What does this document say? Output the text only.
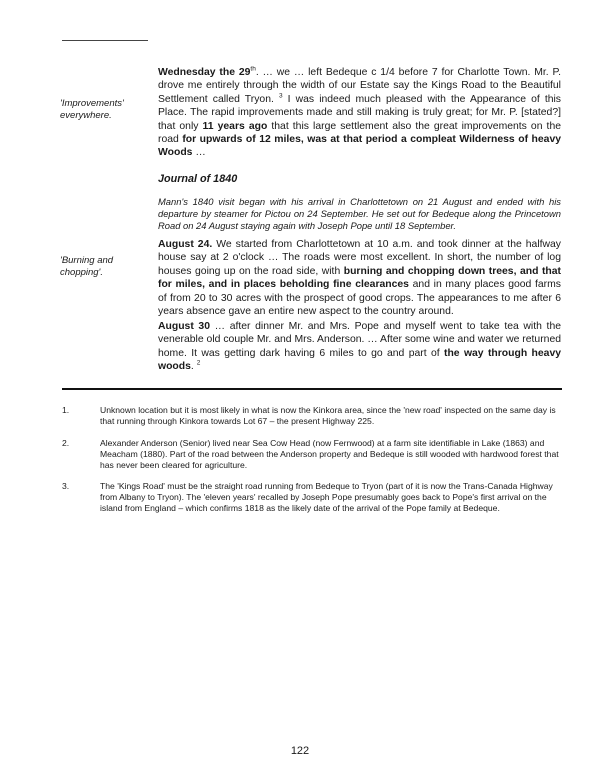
'Improvements' everywhere.
'Burning and chopping'.

Wednesday the 29th. … we … left Bedeque c 1/4 before 7 for Charlotte Town. Mr. P. drove me entirely through the width of our Estate say the Kings Road to the Beautiful Settlement called Tryon. $^3$ I was indeed much pleased with the Appearance of this Place. The rapid improvements made and still making is truly great; for Mr. P. [stated?] that only 11 years ago that this large settlement also the great improvements on the road for upwards of 12 miles, was at that period a compleat Wilderness of heavy Woods …

Journal of 1840
Mann's 1840 visit began with his arrival in Charlottetown on 21 August and ended with his departure by steamer for Pictou on 24 September. He set out for Bedeque along the Princetown Road on 24 August staying again with Joseph Pope until 18 September.

August 24. We started from Charlottetown at 10 a.m. and took dinner at the halfway house say at 2 o'clock … The roads were most excellent. In short, the number of log houses going up on the road side, with burning and chopping down trees, and that for miles, and in places beholding fine clearances and in many places good farms of from 20 to 30 acres with the prospect of good crops. The appearances to me after 6 years absence gave an entire new aspect to the country around.

August 30 … after dinner Mr. and Mrs. Pope and myself went to take tea with the venerable old couple Mr. and Mrs. Anderson. … After some wine and water we returned home. It was getting dark having 6 miles to go and part of the way through heavy woods. $^2$

1.	Unknown location but it is most likely in what is now the Kinkora area, since the 'new road' inspected on the same day is that running through Kinkora towards Lot 67 – the present Highway 225.
2.	Alexander Anderson (Senior) lived near Sea Cow Head (now Fernwood) at a farm site identifiable in Lake (1863) and Meacham (1880). Part of the road between the Anderson property and Bedeque is still wooded with hardwood forest that has never been cleared for agriculture.
3.	The 'Kings Road' must be the straight road running from Bedeque to Tryon (part of it is now the Trans-Canada Highway from Albany to Tryon). The 'eleven years' recalled by Joseph Pope presumably goes back to Pope's first arrival on the island from England – which confirms 1818 as the likely date of the arrival of the Pope family at Bedeque.
122
